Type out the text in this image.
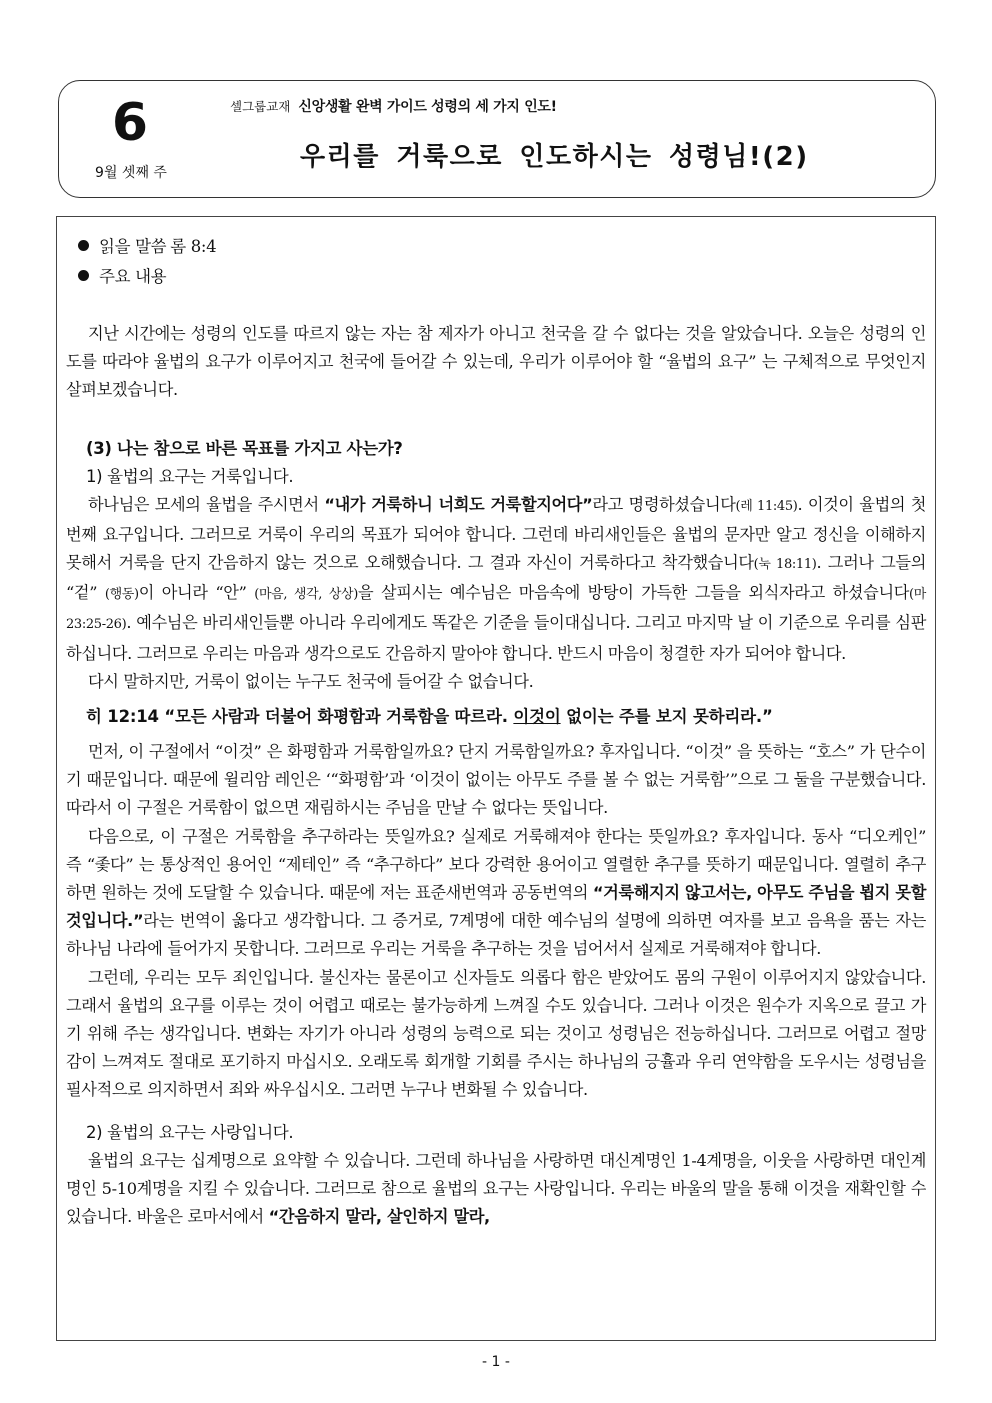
6
9월 셋째 주
셀그룹교재 신앙생활 완벽 가이드 성령의 세 가지 인도!
우리를 거룩으로 인도하시는 성령님!(2)
읽을 말씀 롬 8:4
주요 내용

지난 시간에는 성령의 인도를 따르지 않는 자는 참 제자가 아니고 천국을 갈 수 없다는 것을 알았습니다. 오늘은 성령의 인도를 따라야 율법의 요구가 이루어지고 천국에 들어갈 수 있는데, 우리가 이루어야 할 “율법의 요구” 는 구체적으로 무엇인지 살펴보겠습니다.

(3) 나는 참으로 바른 목표를 가지고 사는가?
1) 율법의 요구는 거룩입니다.

하나님은 모세의 율법을 주시면서 “내가 거룩하니 너희도 거룩할지어다”라고 명령하셨습니다(레 11:45). 이것이 율법의 첫 번째 요구입니다. 그러므로 거룩이 우리의 목표가 되어야 합니다. 그런데 바리새인들은 율법의 문자만 알고 정신을 이해하지 못해서 거룩을 단지 간음하지 않는 것으로 오해했습니다. 그 결과 자신이 거룩하다고 착각했습니다(눅 18:11). 그러나 그들의 “겉” (행동)이 아니라 “안” (마음, 생각, 상상)을 살피시는 예수님은 마음속에 방탕이 가득한 그들을 외식자라고 하셨습니다(마 23:25-26). 예수님은 바리새인들뿐 아니라 우리에게도 똑같은 기준을 들이대십니다. 그리고 마지막 날 이 기준으로 우리를 심판하십니다. 그러므로 우리는 마음과 생각으로도 간음하지 말아야 합니다. 반드시 마음이 청결한 자가 되어야 합니다.

다시 말하지만, 거룩이 없이는 누구도 천국에 들어갈 수 없습니다.

히 12:14 “모든 사람과 더불어 화평함과 거룩함을 따르라. 이것이 없이는 주를 보지 못하리라.”

먼저, 이 구절에서 “이것” 은 화평함과 거룩함일까요? 단지 거룩함일까요? 후자입니다. “이것” 을 뜻하는 “호스” 가 단수이기 때문입니다. 때문에 윌리암 레인은 ‘“화평함’과 ‘이것이 없이는 아무도 주를 볼 수 없는 거룩함’”으로 그 둘을 구분했습니다. 따라서 이 구절은 거룩함이 없으면 재림하시는 주님을 만날 수 없다는 뜻입니다.

다음으로, 이 구절은 거룩함을 추구하라는 뜻일까요? 실제로 거룩해져야 한다는 뜻일까요? 후자입니다. 동사 “디오케인” 즉 “좇다” 는 통상적인 용어인 “제테인” 즉 “추구하다” 보다 강력한 용어이고 열렬한 추구를 뜻하기 때문입니다. 열렬히 추구하면 원하는 것에 도달할 수 있습니다. 때문에 저는 표준새번역과 공동번역의 “거룩해지지 않고서는, 아무도 주님을 뵙지 못할 것입니다.”라는 번역이 옳다고 생각합니다. 그 증거로, 7계명에 대한 예수님의 설명에 의하면 여자를 보고 음욕을 품는 자는 하나님 나라에 들어가지 못합니다. 그러므로 우리는 거룩을 추구하는 것을 넘어서서 실제로 거룩해져야 합니다.

그런데, 우리는 모두 죄인입니다. 불신자는 물론이고 신자들도 의롭다 함은 받았어도 몸의 구원이 이루어지지 않았습니다. 그래서 율법의 요구를 이루는 것이 어렵고 때로는 불가능하게 느껴질 수도 있습니다. 그러나 이것은 원수가 지옥으로 끌고 가기 위해 주는 생각입니다. 변화는 자기가 아니라 성령의 능력으로 되는 것이고 성령님은 전능하십니다. 그러므로 어렵고 절망감이 느껴져도 절대로 포기하지 마십시오. 오래도록 회개할 기회를 주시는 하나님의 긍휼과 우리 연약함을 도우시는 성령님을 필사적으로 의지하면서 죄와 싸우십시오. 그러면 누구나 변화될 수 있습니다.

2) 율법의 요구는 사랑입니다.

율법의 요구는 십계명으로 요약할 수 있습니다. 그런데 하나님을 사랑하면 대신계명인 1-4계명을, 이웃을 사랑하면 대인계명인 5-10계명을 지킬 수 있습니다. 그러므로 참으로 율법의 요구는 사랑입니다. 우리는 바울의 말을 통해 이것을 재확인할 수 있습니다. 바울은 로마서에서 “간음하지 말라, 살인하지 말라,

- 1 -
